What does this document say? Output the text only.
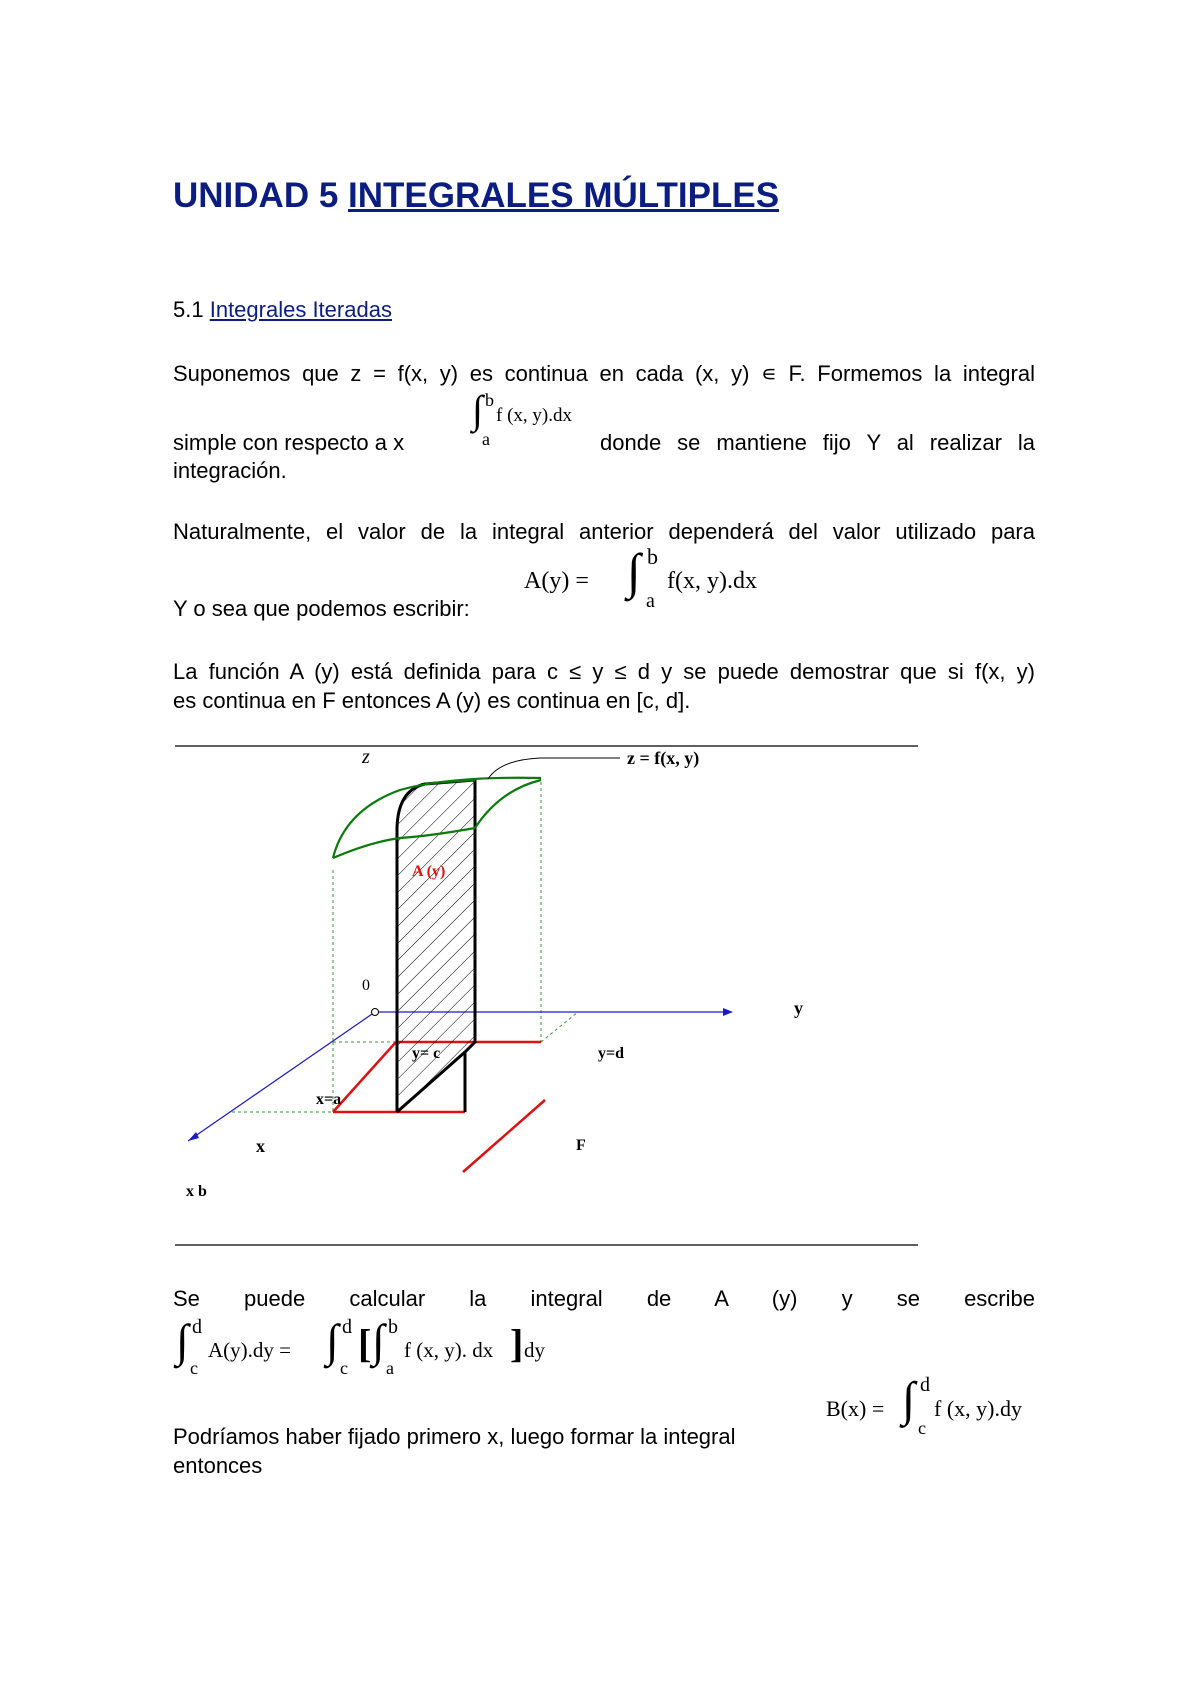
UNIDAD 5 INTEGRALES MÚLTIPLES
5.1 Integrales Iteradas
Suponemos que z = f(x, y) es continua en cada (x, y) ∊ F. Formemos la integral
simple con respecto a x	donde se mantiene fijo Y al realizar la
integración.
∫ b
a
f (x, y).dx
Naturalmente, el valor de la integral anterior dependerá del valor utilizado para
Y o sea que podemos escribir:
A(y) = ∫ b
a
f(x, y).dx
La función A (y) está definida para c ≤ y ≤ d y se puede demostrar que si f(x, y)
es continua en F entonces A (y) es continua en [c, d].
z	z = f(x, y)
A (y)
0
y
y= c	y=d
x=a
x	F
x b
Se puede calcular la integral de A (y) y se escribe
∫ d
c
A(y).dy = ∫ d
c
[ ∫ b
a
f (x, y). dx ] dy
B(x) = ∫ d
c
f (x, y).dy
Podríamos haber fijado primero x, luego formar la integral
entonces
